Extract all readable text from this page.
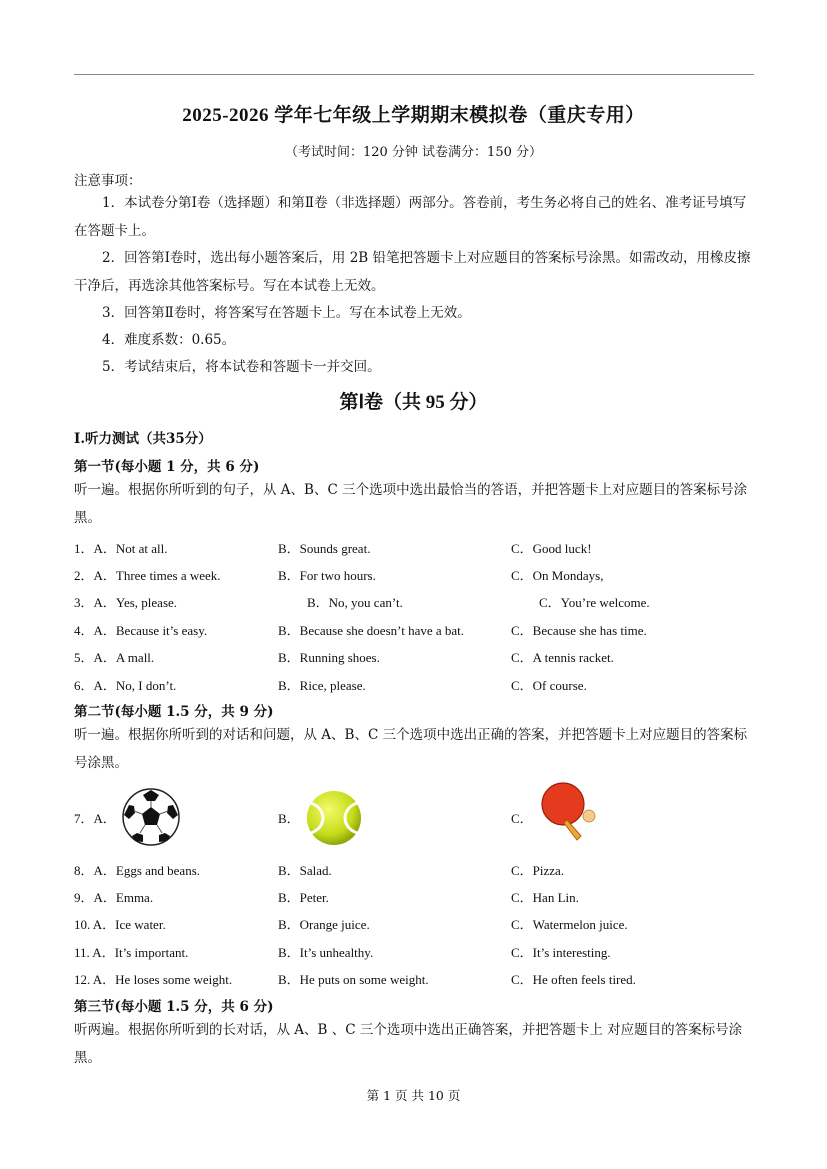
2025-2026 学年七年级上学期期末模拟卷（重庆专用）
（考试时间：120 分钟 试卷满分：150 分）
注意事项：
1．本试卷分第Ⅰ卷（选择题）和第Ⅱ卷（非选择题）两部分。答卷前，考生务必将自己的姓名、准考证号填写在答题卡上。
2．回答第Ⅰ卷时，选出每小题答案后，用 2B 铅笔把答题卡上对应题目的答案标号涂黑。如需改动，用橡皮擦干净后，再选涂其他答案标号。写在本试卷上无效。
3．回答第Ⅱ卷时，将答案写在答题卡上。写在本试卷上无效。
4．难度系数：0.65。
5．考试结束后，将本试卷和答题卡一并交回。
第Ⅰ卷（共 95 分）
Ⅰ.听力测试（共35分）
第一节(每小题 1 分，共 6 分)
听一遍。根据你所听到的句子，从 A、B、C 三个选项中选出最恰当的答语，并把答题卡上对应题目的答案标号涂黑。
1．A．Not at all.	B．Sounds great.	C．Good luck!
2．A．Three times a week.	B．For two hours.	C．On Mondays,
3．A．Yes, please.	B．No, you can’t.	C．You’re welcome.
4．A．Because it’s easy.	B．Because she doesn’t have a bat.	C．Because she has time.
5．A．A mall.	B．Running shoes.	C．A tennis racket.
6．A．No, I don’t.	B．Rice, please.	C．Of course.
第二节(每小题 1.5 分，共 9 分)
听一遍。根据你所听到的对话和问题，从 A、B、C 三个选项中选出正确的答案，并把答题卡上对应题目的答案标号涂黑。
7．A．	B．	C．
8．A．Eggs and beans.	B．Salad.	C．Pizza.
9．A．Emma.	B．Peter.	C．Han Lin.
10. A．Ice water.	B．Orange juice.	C．Watermelon juice.
11. A．It’s important.	B．It’s unhealthy.	C．It’s interesting.
12. A．He loses some weight.	B．He puts on some weight.	C．He often feels tired.
第三节(每小题 1.5 分，共 6 分)
听两遍。根据你所听到的长对话，从 A、B 、C 三个选项中选出正确答案，并把答题卡上 对应题目的答案标号涂黑。
第 1 页 共 10 页
